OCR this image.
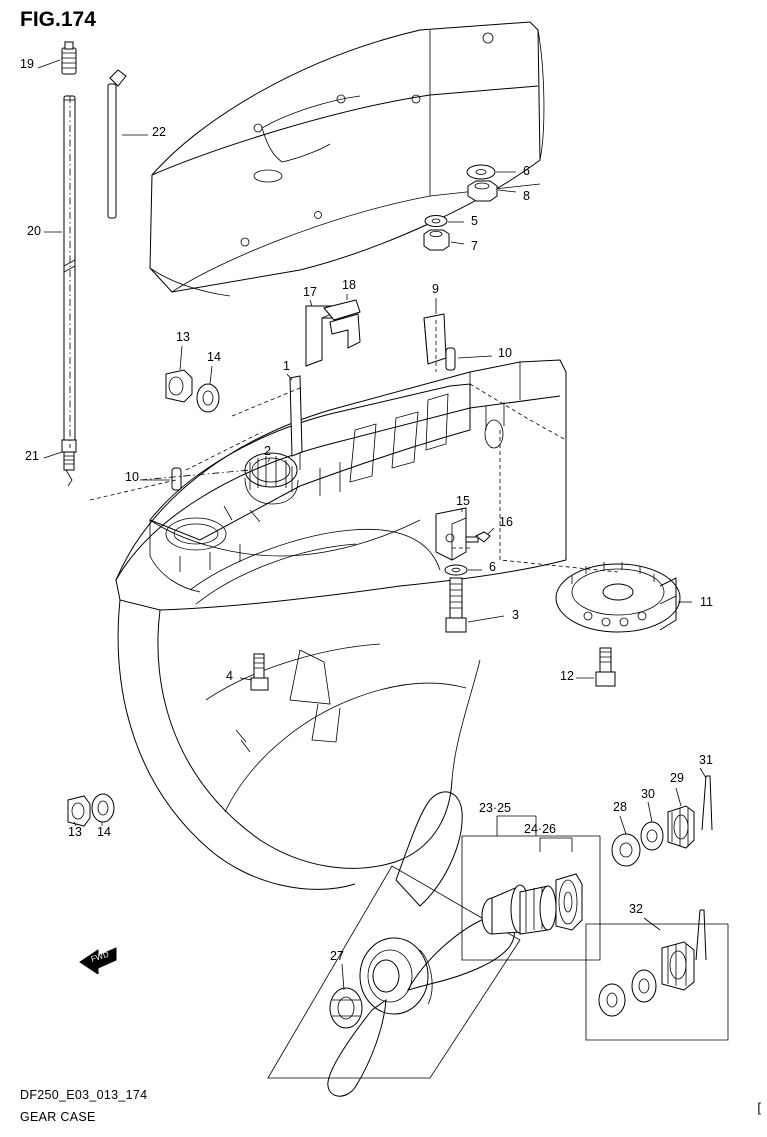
FIG.174
FWD
19
22
20
6
8
5
7
17 18	9
10
13
14
1
2
21
10
15
16
6
3
11
4	12
13 14
31
29
30
28
23·25
24·26
32
27
DF250_E03_013_174
GEAR CASE
[
